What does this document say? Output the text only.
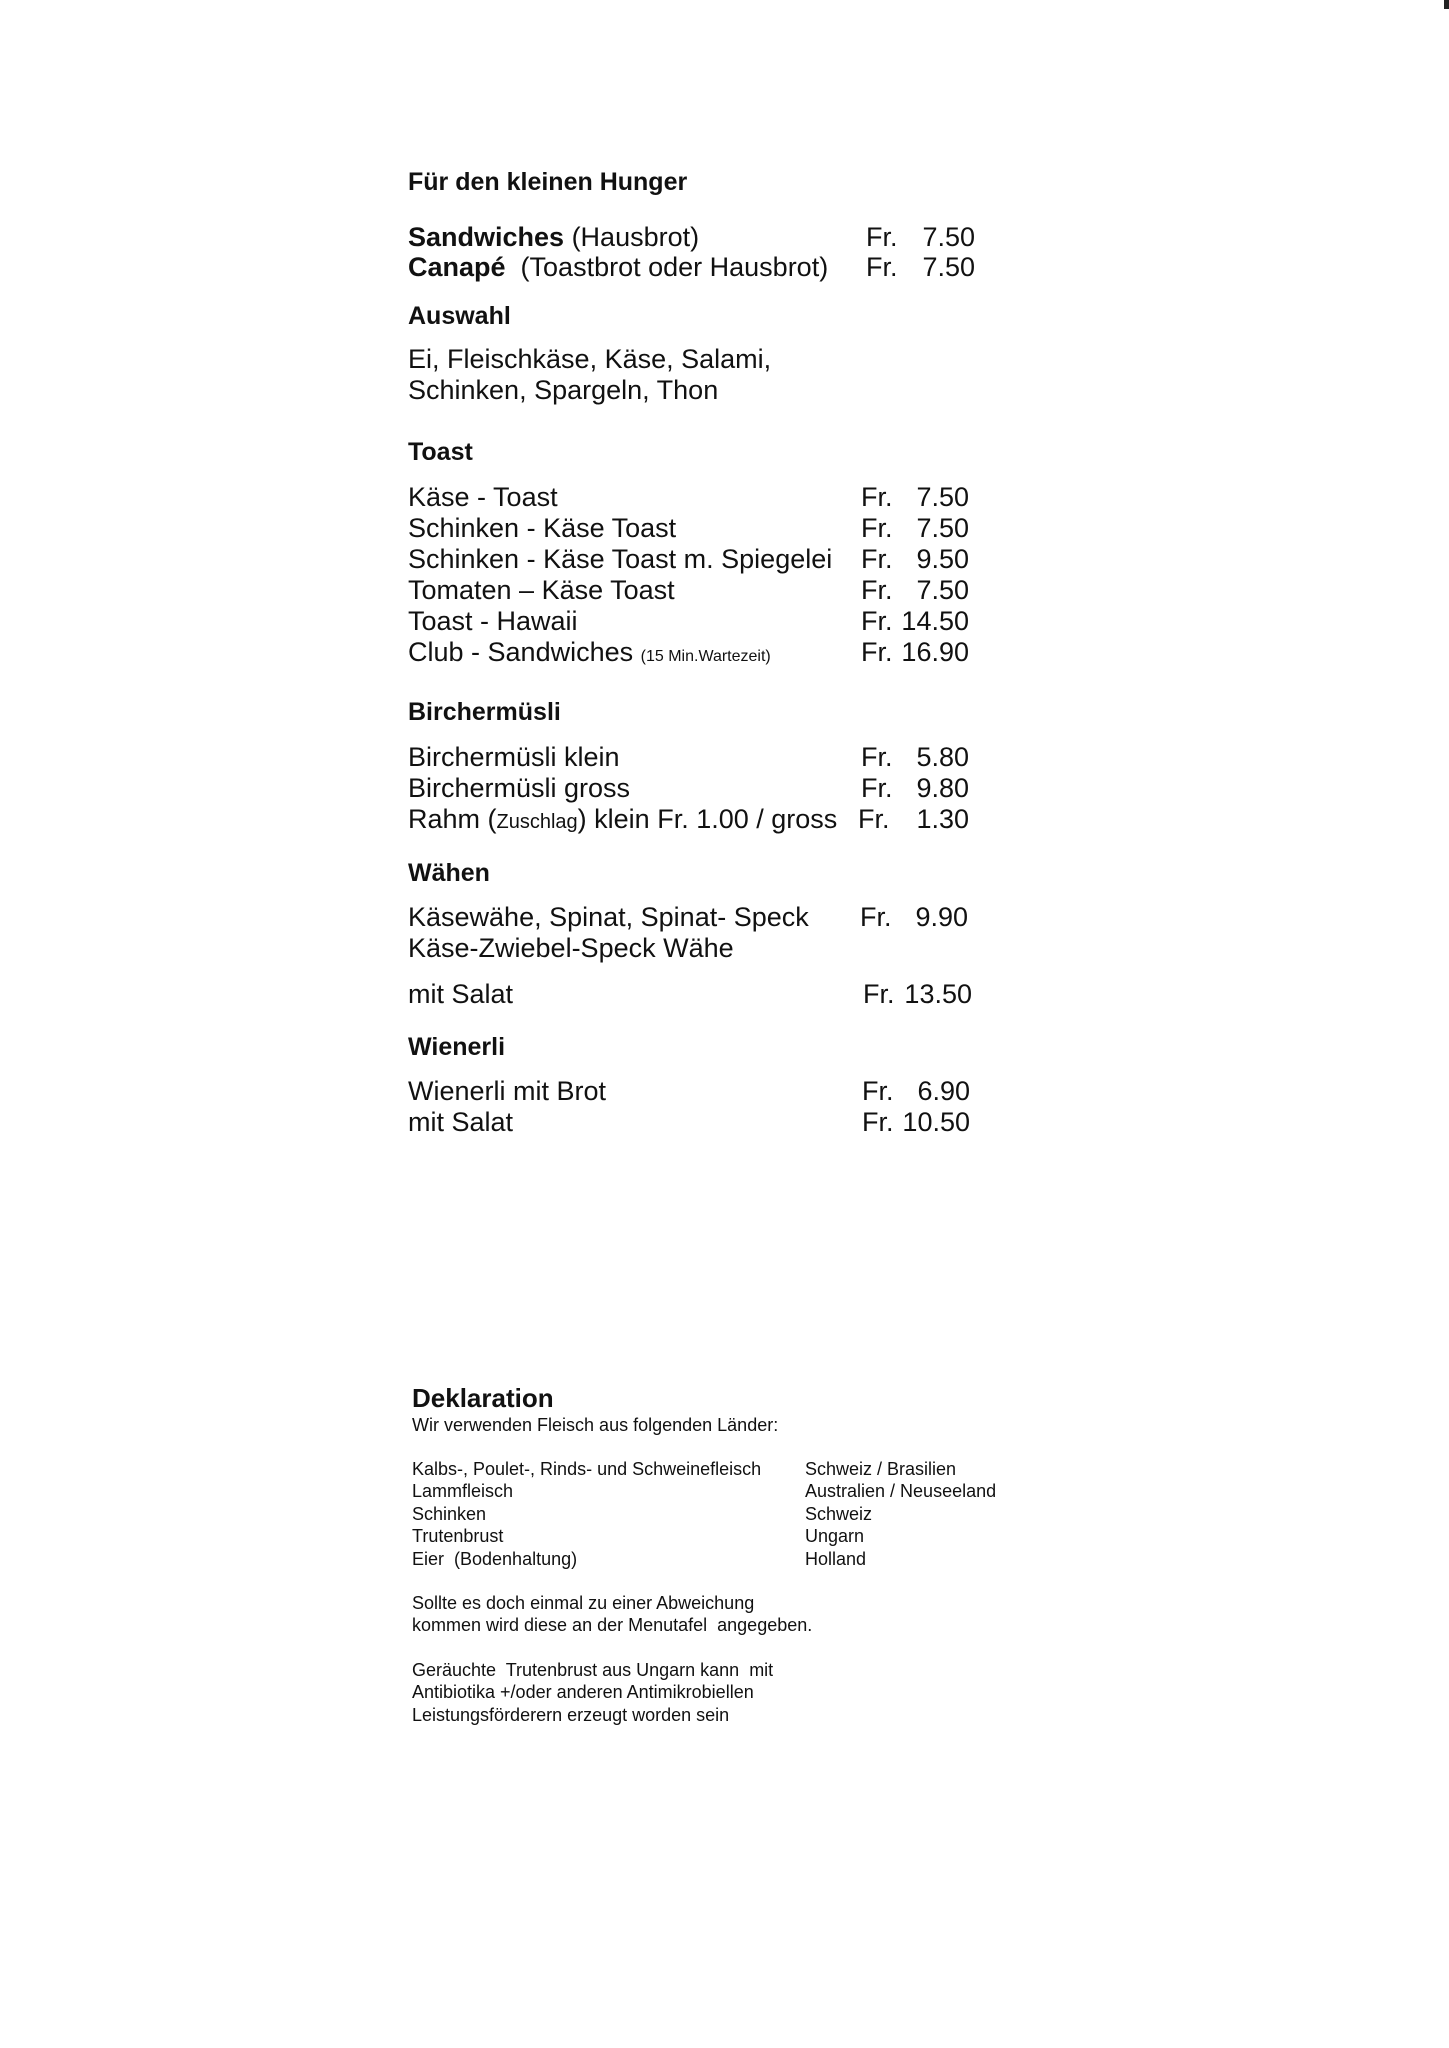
Für den kleinen Hunger
Sandwiches (Hausbrot)	Fr. 7.50
Canapé  (Toastbrot oder Hausbrot) Fr. 7.50
Auswahl
Ei, Fleischkäse, Käse, Salami,
Schinken, Spargeln, Thon
Toast
Käse - Toast	Fr. 7.50
Schinken - Käse Toast	Fr. 7.50
Schinken - Käse Toast m. Spiegelei Fr. 9.50
Tomaten – Käse Toast	Fr. 7.50
Toast - Hawaii	Fr. 14.50
Club - Sandwiches (15 Min.Wartezeit)	Fr. 16.90
Birchermüsli
Birchermüsli klein	Fr. 5.80
Birchermüsli gross	Fr. 9.80
Rahm (Zuschlag) klein Fr. 1.00 / gross Fr. 1.30
Wähen
Käsewähe, Spinat, Spinat- Speck Fr. 9.90
Käse-Zwiebel-Speck Wähe
mit Salat	Fr. 13.50
Wienerli
Wienerli mit Brot	Fr. 6.90
mit Salat	Fr. 10.50
Deklaration
Wir verwenden Fleisch aus folgenden Länder:
Kalbs-, Poulet-, Rinds- und Schweinefleisch Schweiz / Brasilien
Lammfleisch	Australien / Neuseeland
Schinken	Schweiz
Trutenbrust	Ungarn
Eier  (Bodenhaltung)	Holland
Sollte es doch einmal zu einer Abweichung
kommen wird diese an der Menutafel  angegeben.
Geräuchte  Trutenbrust aus Ungarn kann  mit
Antibiotika +/oder anderen Antimikrobiellen
Leistungsförderern erzeugt worden sein
